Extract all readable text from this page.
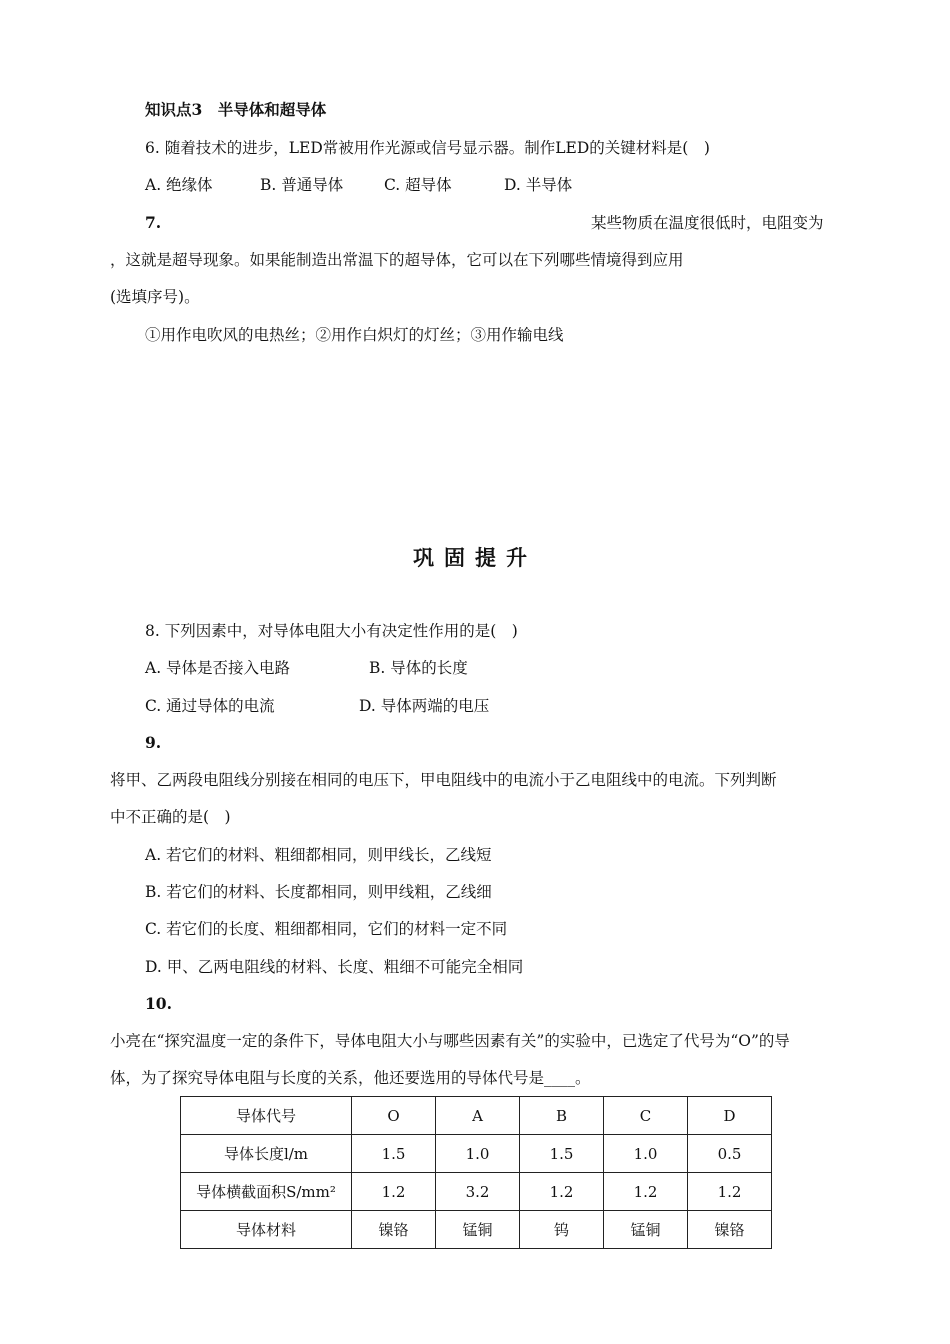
知识点3　半导体和超导体
6. 随着技术的进步，LED常被用作光源或信号显示器。制作LED的关键材料是(　)
A. 绝缘体	B. 普通导体	C. 超导体	D. 半导体
7.	某些物质在温度很低时，电阻变为
，这就是超导现象。如果能制造出常温下的超导体，它可以在下列哪些情境得到应用
(选填序号)。
①用作电吹风的电热丝；②用作白炽灯的灯丝；③用作输电线
巩固提升
8. 下列因素中，对导体电阻大小有决定性作用的是(　)
A. 导体是否接入电路	B. 导体的长度
C. 通过导体的电流	D. 导体两端的电压
9.
将甲、乙两段电阻线分别接在相同的电压下，甲电阻线中的电流小于乙电阻线中的电流。下列判断
中不正确的是(　)
A. 若它们的材料、粗细都相同，则甲线长，乙线短
B. 若它们的材料、长度都相同，则甲线粗，乙线细
C. 若它们的长度、粗细都相同，它们的材料一定不同
D. 甲、乙两电阻线的材料、长度、粗细不可能完全相同
10.
小亮在“探究温度一定的条件下，导体电阻大小与哪些因素有关”的实验中，已选定了代号为“O”的导
体，为了探究导体电阻与长度的关系，他还要选用的导体代号是____。
导体代号	O	A	B	C	D
导体长度l/m	1.5	1.0	1.5	1.0	0.5
导体横截面积S/mm²	1.2	3.2	1.2	1.2	1.2
导体材料	镍铬	锰铜	钨	锰铜	镍铬
